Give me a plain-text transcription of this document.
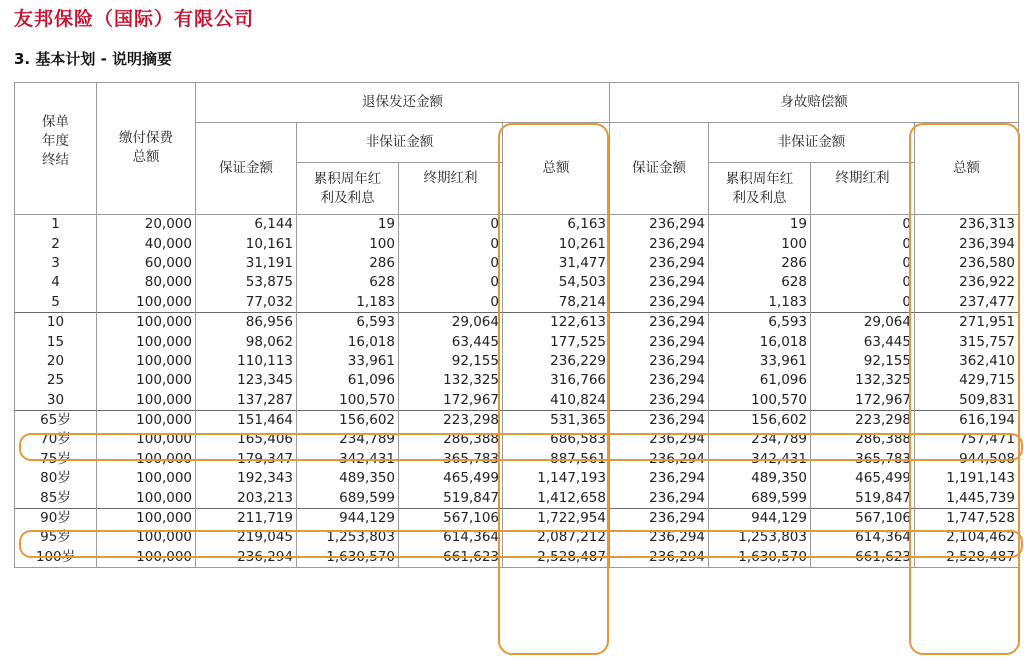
友邦保险（国际）有限公司
3. 基本计划 - 说明摘要
保单
年度
终结	缴付保费
总额	退保发还金额				身故赔偿额			
		保证金额	非保证金额		总额	保证金额	非保证金额		总额
			累积周年红
利及利息	终期红利			累积周年红
利及利息	终期红利	
1	20,000	6,144	19	0	6,163	236,294	19	0	236,313
2	40,000	10,161	100	0	10,261	236,294	100	0	236,394
3	60,000	31,191	286	0	31,477	236,294	286	0	236,580
4	80,000	53,875	628	0	54,503	236,294	628	0	236,922
5	100,000	77,032	1,183	0	78,214	236,294	1,183	0	237,477
10	100,000	86,956	6,593	29,064	122,613	236,294	6,593	29,064	271,951
15	100,000	98,062	16,018	63,445	177,525	236,294	16,018	63,445	315,757
20	100,000	110,113	33,961	92,155	236,229	236,294	33,961	92,155	362,410
25	100,000	123,345	61,096	132,325	316,766	236,294	61,096	132,325	429,715
30	100,000	137,287	100,570	172,967	410,824	236,294	100,570	172,967	509,831
65岁	100,000	151,464	156,602	223,298	531,365	236,294	156,602	223,298	616,194
70岁	100,000	165,406	234,789	286,388	686,583	236,294	234,789	286,388	757,471
75岁	100,000	179,347	342,431	365,783	887,561	236,294	342,431	365,783	944,508
80岁	100,000	192,343	489,350	465,499	1,147,193	236,294	489,350	465,499	1,191,143
85岁	100,000	203,213	689,599	519,847	1,412,658	236,294	689,599	519,847	1,445,739
90岁	100,000	211,719	944,129	567,106	1,722,954	236,294	944,129	567,106	1,747,528
95岁	100,000	219,045	1,253,803	614,364	2,087,212	236,294	1,253,803	614,364	2,104,462
100岁	100,000	236,294	1,630,570	661,623	2,528,487	236,294	1,630,570	661,623	2,528,487
